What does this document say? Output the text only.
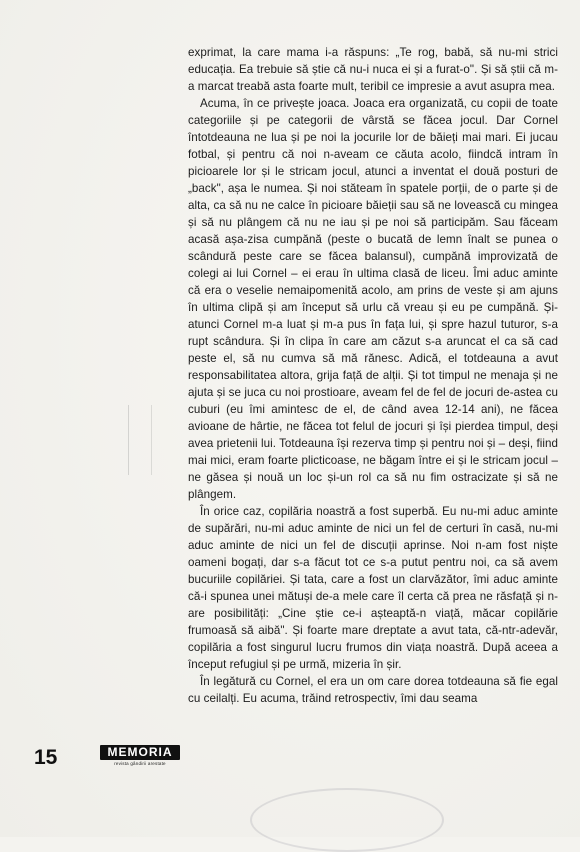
exprimat, la care mama i-a răspuns: „Te rog, babă, să nu-mi strici educația. Ea trebuie să știe că nu-i nuca ei și a furat-o". Și să știi că m-a marcat treabă asta foarte mult, teribil ce impresie a avut asupra mea.

Acuma, în ce privește joaca. Joaca era organizată, cu copii de toate categoriile și pe categorii de vârstă se făcea jocul. Dar Cornel întotdeauna ne lua și pe noi la jocurile lor de băieți mai mari. Ei jucau fotbal, și pentru că noi n-aveam ce căuta acolo, fiindcă intram în picioarele lor și le stricam jocul, atunci a inventat el două posturi de „back", așa le numea. Și noi stăteam în spatele porții, de o parte și de alta, ca să nu ne calce în picioare băieții sau să ne lovească cu mingea și să nu plângem că nu ne iau și pe noi să participăm. Sau făceam acasă așa-zisa cumpănă (peste o bucată de lemn înalt se punea o scândură peste care se făcea balansul), cumpănă improvizată de colegi ai lui Cornel – ei erau în ultima clasă de liceu. Îmi aduc aminte că era o veselie nemaipomenită acolo, am prins de veste și am ajuns în ultima clipă și am început să urlu că vreau și eu pe cumpănă. Și-atunci Cornel m-a luat și m-a pus în fața lui, și spre hazul tuturor, s-a rupt scândura. Și în clipa în care am căzut s-a aruncat el ca să cad peste el, să nu cumva să mă rănesc. Adică, el totdeauna a avut responsabilitatea altora, grija față de alții. Și tot timpul ne menaja și ne ajuta și se juca cu noi prostioare, aveam fel de fel de jocuri de-astea cu cuburi (eu îmi amintesc de el, de când avea 12-14 ani), ne făcea avioane de hârtie, ne făcea tot felul de jocuri și își pierdea timpul, deși avea prietenii lui. Totdeauna își rezerva timp și pentru noi și – deși, fiind mai mici, eram foarte plicticoase, ne băgam între ei și le stricam jocul – ne găsea și nouă un loc și-un rol ca să nu fim ostracizate și să ne plângem.

În orice caz, copilăria noastră a fost superbă. Eu nu-mi aduc aminte de supărări, nu-mi aduc aminte de nici un fel de certuri în casă, nu-mi aduc aminte de nici un fel de discuții aprinse. Noi n-am fost niște oameni bogați, dar s-a făcut tot ce s-a putut pentru noi, ca să avem bucuriile copilăriei. Și tata, care a fost un clarvăzător, îmi aduc aminte că-i spunea unei mătuși de-a mele care îl certa că prea ne răsfață și n-are posibilități: „Cine știe ce-i așteaptă-n viață, măcar copilărie frumoasă să aibă". Și foarte mare dreptate a avut tata, că-ntr-adevăr, copilăria a fost singurul lucru frumos din viața noastră. După aceea a început refugiul și pe urmă, mizeria în șir.

În legătură cu Cornel, el era un om care dorea totdeauna să fie egal cu ceilalți. Eu acuma, trăind retrospectiv, îmi dau seama

15	MEMORIA
revista gândirii arestate
